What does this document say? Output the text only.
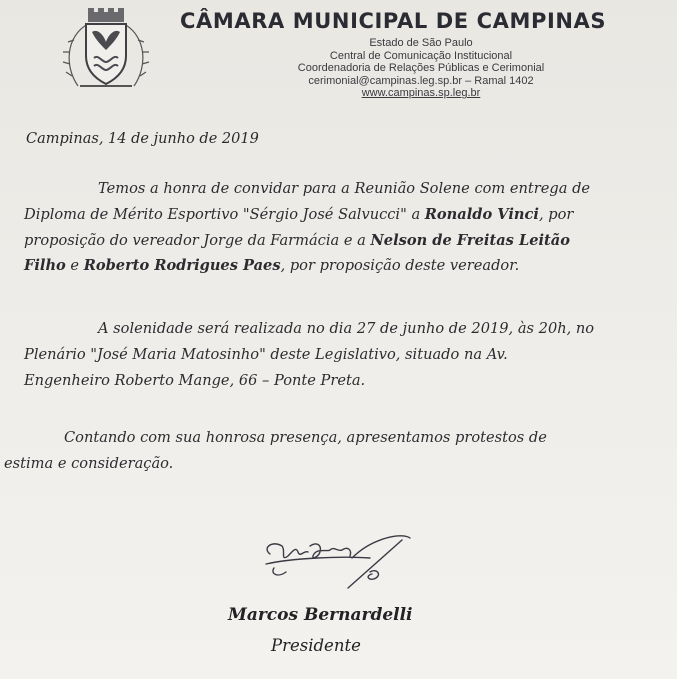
CÂMARA MUNICIPAL DE CAMPINAS
Estado de São Paulo
Central de Comunicação Institucional
Coordenadoria de Relações Públicas e Cerimonial
cerimonial@campinas.leg.sp.br – Ramal 1402
www.campinas.sp.leg.br
Campinas, 14 de junho de 2019
Temos a honra de convidar para a Reunião Solene com entrega de
Diploma de Mérito Esportivo "Sérgio José Salvucci" a Ronaldo Vinci, por
proposição do vereador Jorge da Farmácia e a Nelson de Freitas Leitão
Filho e Roberto Rodrigues Paes, por proposição deste vereador.
A solenidade será realizada no dia 27 de junho de 2019, às 20h, no
Plenário "José Maria Matosinho" deste Legislativo, situado na Av.
Engenheiro Roberto Mange, 66 – Ponte Preta.
Contando com sua honrosa presença, apresentamos protestos de
estima e consideração.
Marcos Bernardelli
Presidente
